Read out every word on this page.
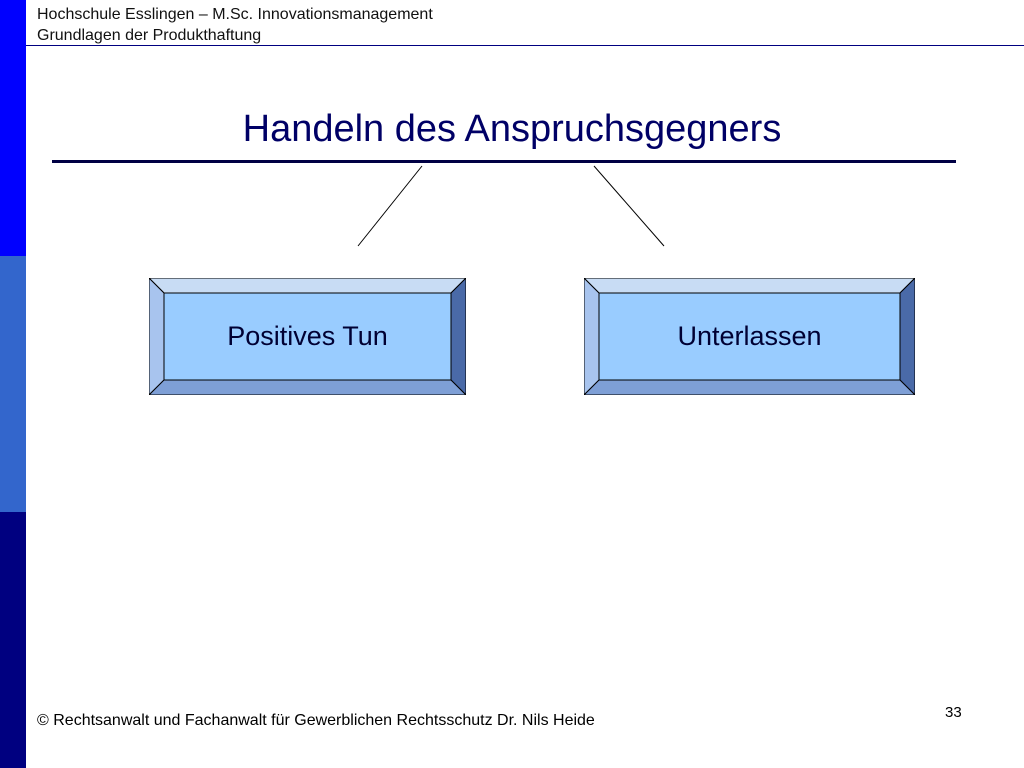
Hochschule Esslingen – M.Sc. Innovationsmanagement
Grundlagen der Produkthaftung
Handeln des Anspruchsgegners
Positives Tun	Unterlassen
© Rechtsanwalt und Fachanwalt für Gewerblichen Rechtsschutz Dr. Nils Heide	33
